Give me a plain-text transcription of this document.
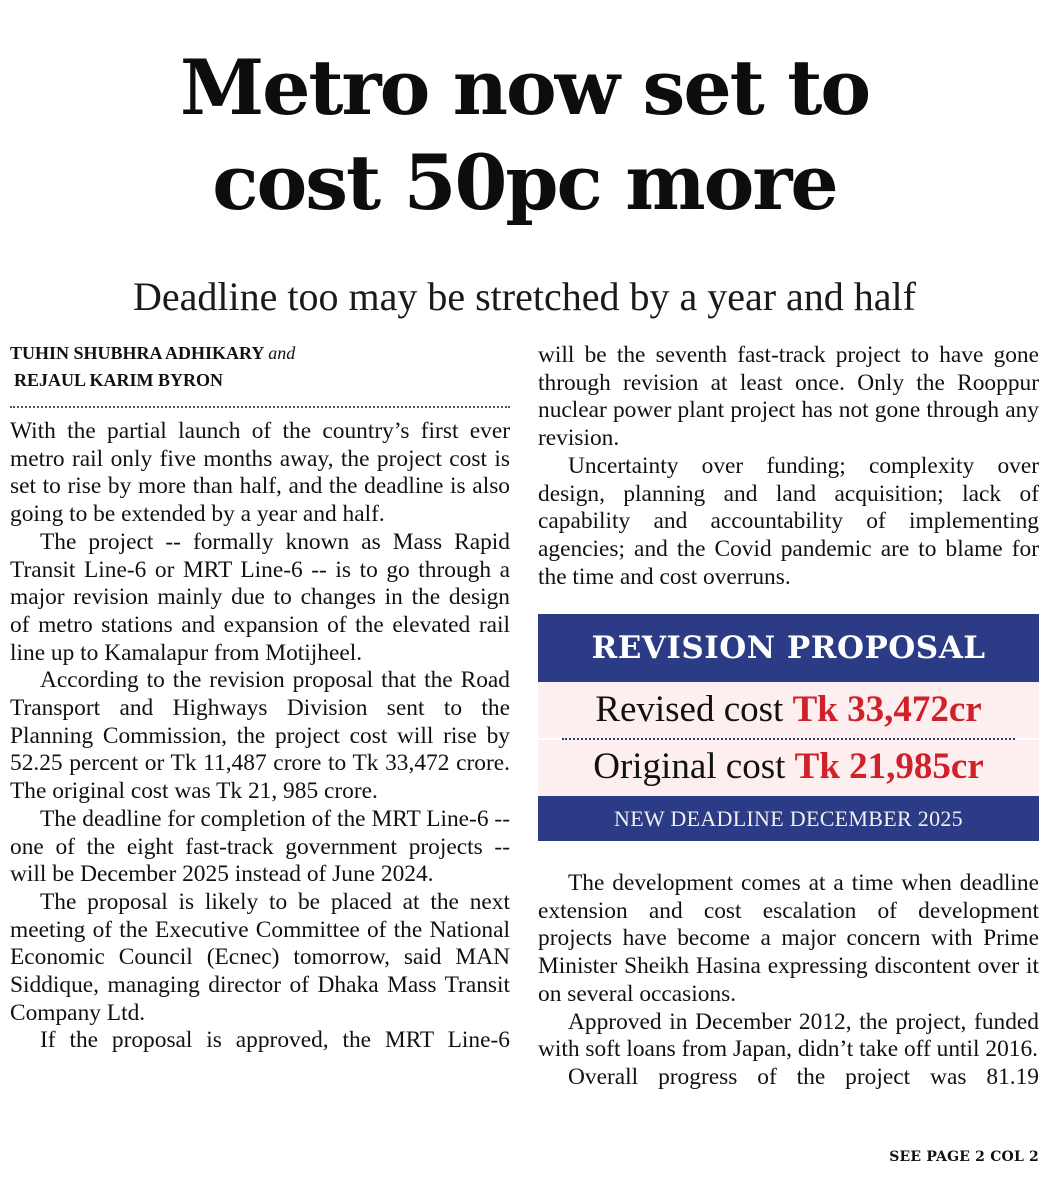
Metro now set to
cost 50pc more
Deadline too may be stretched by a year and half
TUHIN SHUBHRA ADHIKARY and
REJAUL KARIM BYRON

With the partial launch of the country’s first ever metro rail only five months away, the project cost is set to rise by more than half, and the deadline is also going to be extended by a year and half.

The project -- formally known as Mass Rapid Transit Line-6 or MRT Line-6 -- is to go through a major revision mainly due to changes in the design of metro stations and expansion of the elevated rail line up to Kamalapur from Motijheel.

According to the revision proposal that the Road Transport and Highways Division sent to the Planning Commission, the project cost will rise by 52.25 percent or Tk 11,487 crore to Tk 33,472 crore. The original cost was Tk 21, 985 crore.

The deadline for completion of the MRT Line-6 -- one of the eight fast-track government projects -- will be December 2025 instead of June 2024.

The proposal is likely to be placed at the next meeting of the Executive Committee of the National Economic Council (Ecnec) tomorrow, said MAN Siddique, managing director of Dhaka Mass Transit Company Ltd.

If the proposal is approved, the MRT Line-6

will be the seventh fast-track project to have gone through revision at least once. Only the Rooppur nuclear power plant project has not gone through any revision.

Uncertainty over funding; complexity over design, planning and land acquisition; lack of capability and accountability of implementing agencies; and the Covid pandemic are to blame for the time and cost overruns.

REVISION PROPOSAL
Revised cost Tk 33,472cr
Original cost Tk 21,985cr
NEW DEADLINE DECEMBER 2025

The development comes at a time when deadline extension and cost escalation of development projects have become a major concern with Prime Minister Sheikh Hasina expressing discontent over it on several occasions.

Approved in December 2012, the project, funded with soft loans from Japan, didn’t take off until 2016.

Overall progress of the project was 81.19

SEE PAGE 2 COL 2
